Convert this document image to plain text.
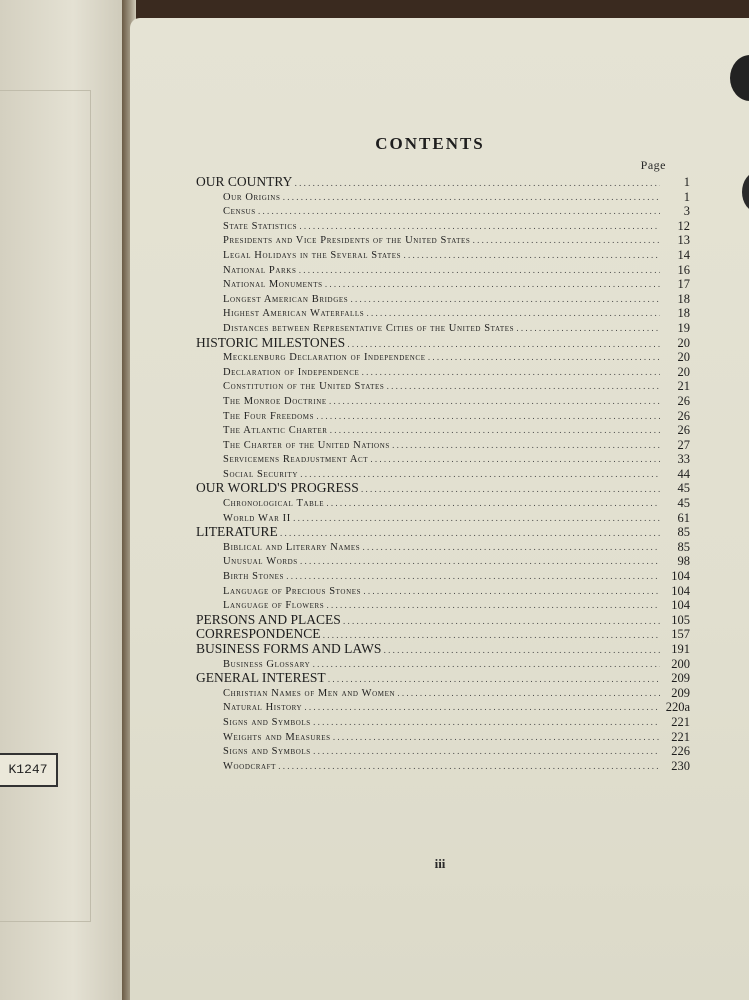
K1247
CONTENTS
Page
OUR COUNTRY . . .	1
Our Origins . . .	1
Census . . .	3
State Statistics . . .	12
Presidents and Vice Presidents of the United States . . .	13
Legal Holidays in the Several States . . .	14
National Parks . . .	16
National Monuments . . .	17
Longest American Bridges . . .	18
Highest American Waterfalls . . .	18
Distances between Representative Cities of the United States . . .	19
HISTORIC MILESTONES . . .	20
Mecklenburg Declaration of Independence . . .	20
Declaration of Independence . . .	20
Constitution of the United States . . .	21
The Monroe Doctrine . . .	26
The Four Freedoms . . .	26
The Atlantic Charter . . .	26
The Charter of the United Nations . . .	27
Servicemens Readjustment Act . . .	33
Social Security . . .	44
OUR WORLD'S PROGRESS . . .	45
Chronological Table . . .	45
World War II . . .	61
LITERATURE . . .	85
Biblical and Literary Names . . .	85
Unusual Words . . .	98
Birth Stones . . .	104
Language of Precious Stones . . .	104
Language of Flowers . . .	104
PERSONS AND PLACES . . .	105
CORRESPONDENCE . . .	157
BUSINESS FORMS AND LAWS . . .	191
Business Glossary . . .	200
GENERAL INTEREST . . .	209
Christian Names of Men and Women . . .	209
Natural History . . .	220a
Signs and Symbols . . .	221
Weights and Measures . . .	221
Signs and Symbols . . .	226
Woodcraft . . .	230
iii
